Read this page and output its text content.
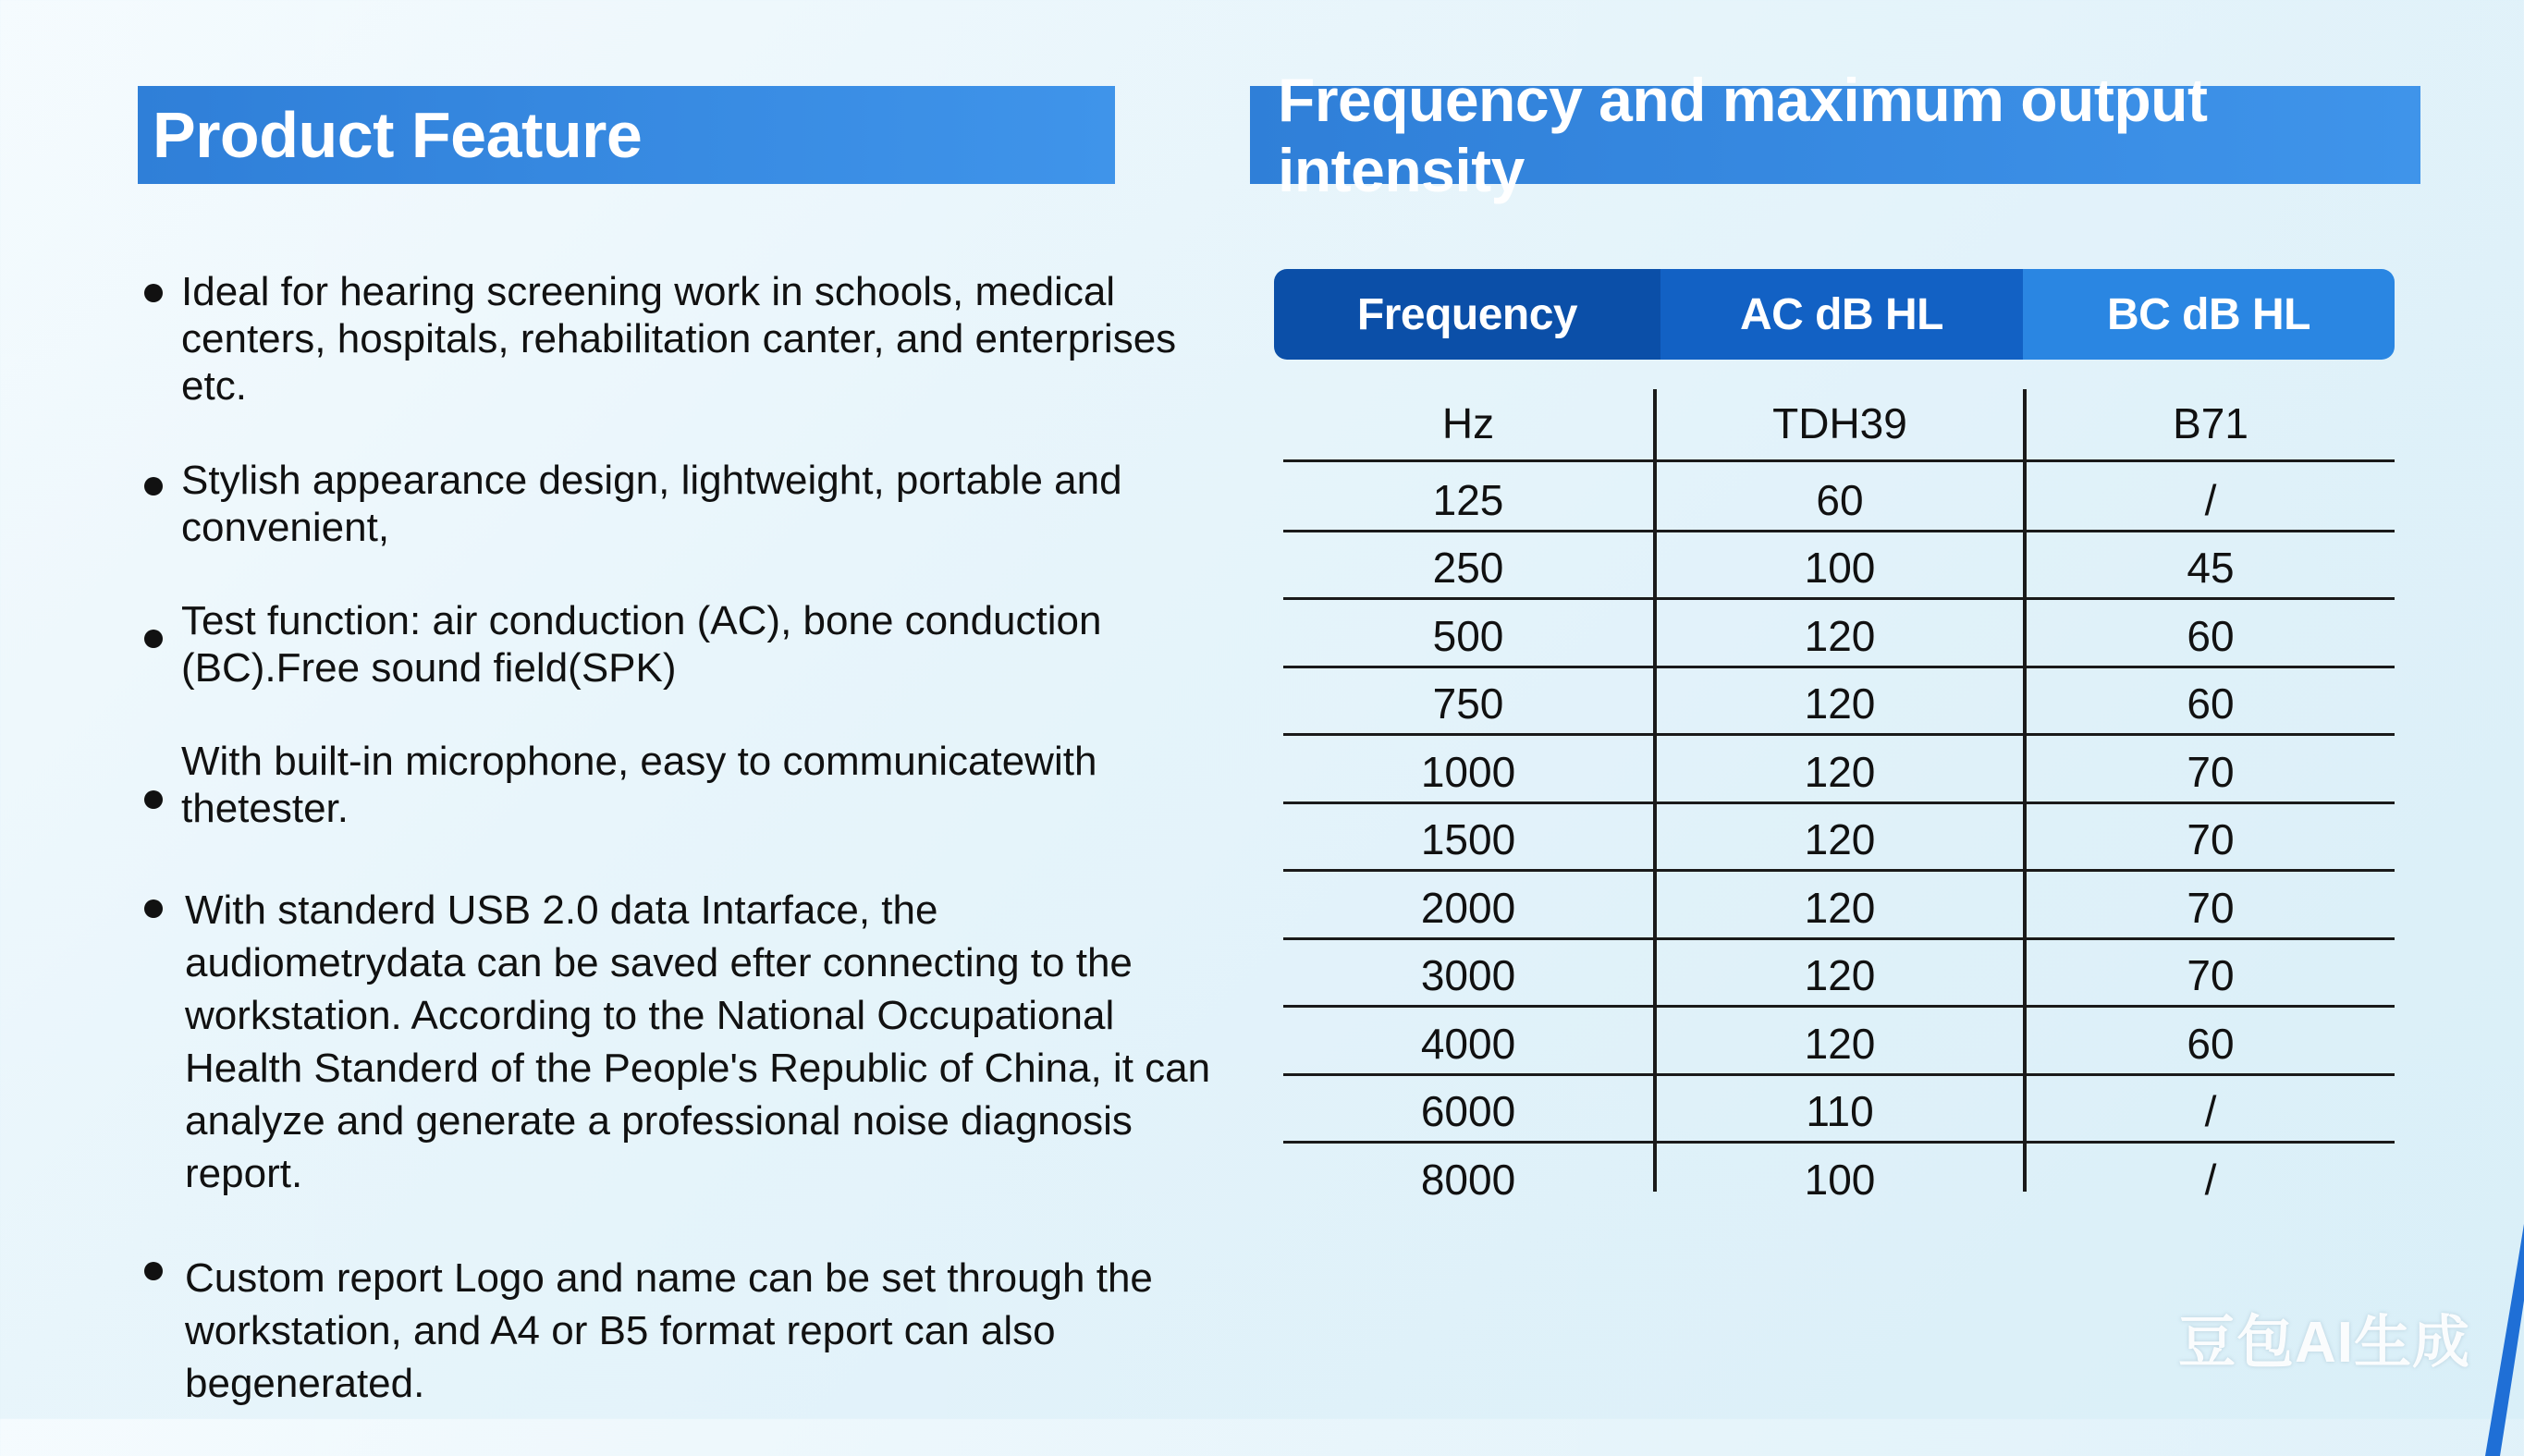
Product Feature
Ideal for hearing screening work in schools, medical centers, hospitals, rehabilitation canter, and enterprises etc.
Stylish appearance design, lightweight, portable and convenient,
Test function: air conduction (AC), bone conduction (BC).Free sound field(SPK)
With built-in microphone, easy to communicatewith thetester.
With standerd USB 2.0 data Intarface, the audiometrydata can be saved efter connecting to the workstation. According to the National Occupational Health Standerd of the People's Republic of China, it can analyze and generate a professional noise diagnosis report.
Custom report Logo and name can be set through the workstation, and A4 or B5 format report can also begenerated.
Frequency and maximum output intensity
Frequency	AC dB HL	BC dB HL
Hz	TDH39	B71
125	60	/
250	100	45
500	120	60
750	120	60
1000	120	70
1500	120	70
2000	120	70
3000	120	70
4000	120	60
6000	110	/
8000	100	/
豆包AI生成
